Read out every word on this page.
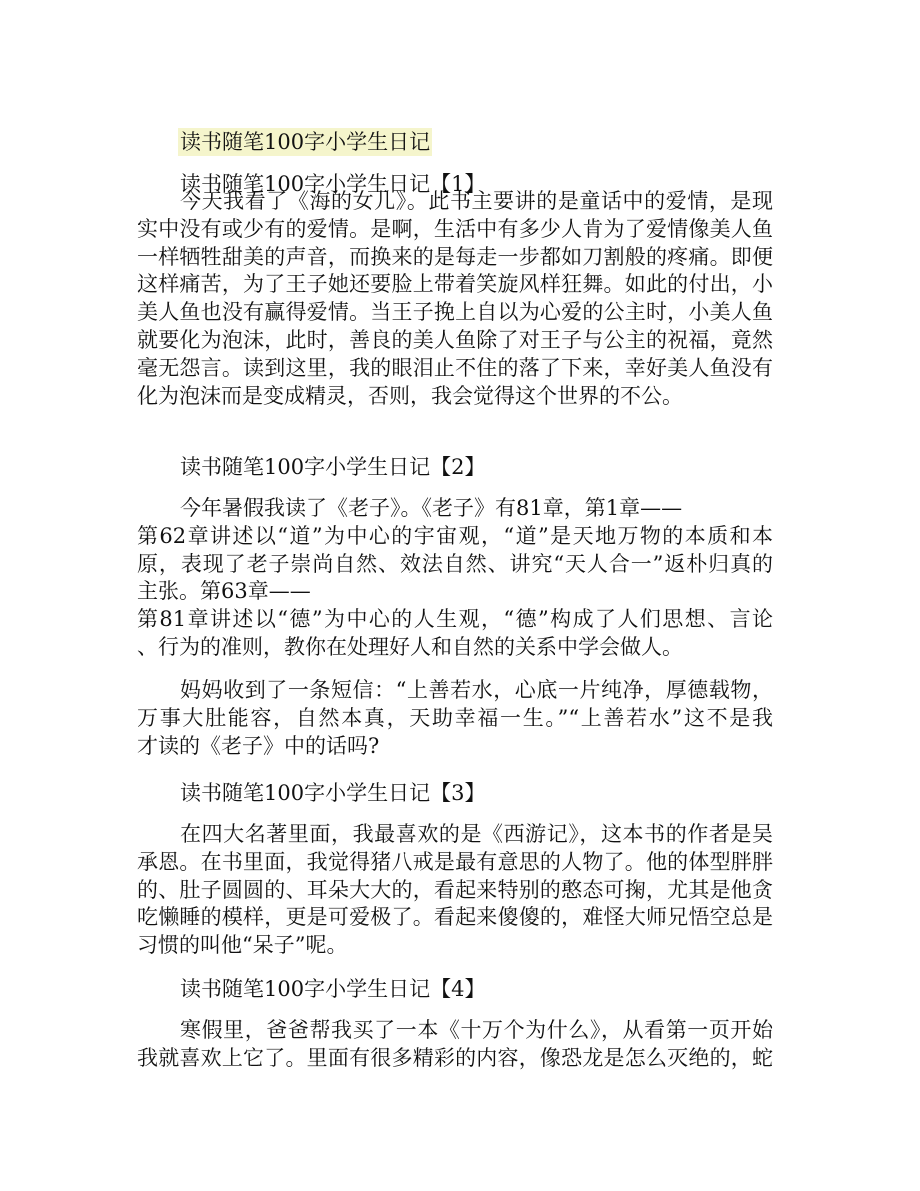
读书随笔100字小学生日记
读书随笔100字小学生日记【1】
今天我看了《海的女儿》。此书主要讲的是童话中的爱情，是现
实中没有或少有的爱情。是啊，生活中有多少人肯为了爱情像美人鱼
一样牺牲甜美的声音，而换来的是每走一步都如刀割般的疼痛。即便
这样痛苦，为了王子她还要脸上带着笑旋风样狂舞。如此的付出，小
美人鱼也没有赢得爱情。当王子挽上自以为心爱的公主时，小美人鱼
就要化为泡沫，此时，善良的美人鱼除了对王子与公主的祝福，竟然
毫无怨言。读到这里，我的眼泪止不住的落了下来，幸好美人鱼没有
化为泡沫而是变成精灵，否则，我会觉得这个世界的不公。
读书随笔100字小学生日记【2】
今年暑假我读了《老子》。《老子》有81章，第1章——
第62章讲述以“道”为中心的宇宙观，“道”是天地万物的本质和本
原，表现了老子崇尚自然、效法自然、讲究“天人合一”返朴归真的
主张。第63章——
第81章讲述以“德”为中心的人生观，“德”构成了人们思想、言论
、行为的准则，教你在处理好人和自然的关系中学会做人。
妈妈收到了一条短信：“上善若水，心底一片纯净，厚德载物，
万事大肚能容，自然本真，天助幸福一生。”“上善若水”这不是我
才读的《老子》中的话吗?
读书随笔100字小学生日记【3】
在四大名著里面，我最喜欢的是《西游记》，这本书的作者是吴
承恩。在书里面，我觉得猪八戒是最有意思的人物了。他的体型胖胖
的、肚子圆圆的、耳朵大大的，看起来特别的憨态可掬，尤其是他贪
吃懒睡的模样，更是可爱极了。看起来傻傻的，难怪大师兄悟空总是
习惯的叫他“呆子”呢。
读书随笔100字小学生日记【4】
寒假里，爸爸帮我买了一本《十万个为什么》，从看第一页开始
我就喜欢上它了。里面有很多精彩的内容，像恐龙是怎么灭绝的，蛇
